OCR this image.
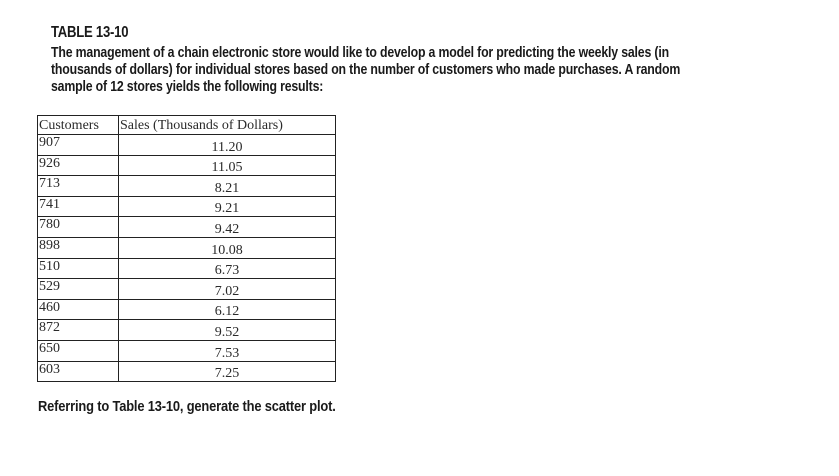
TABLE 13-10
The management of a chain electronic store would like to develop a model for predicting the weekly sales (in
thousands of dollars) for individual stores based on the number of customers who made purchases. A random
sample of 12 stores yields the following results:
Customers	Sales (Thousands of Dollars)
907	11.20
926	11.05
713	8.21
741	9.21
780	9.42
898	10.08
510	6.73
529	7.02
460	6.12
872	9.52
650	7.53
603	7.25
Referring to Table 13-10, generate the scatter plot.
